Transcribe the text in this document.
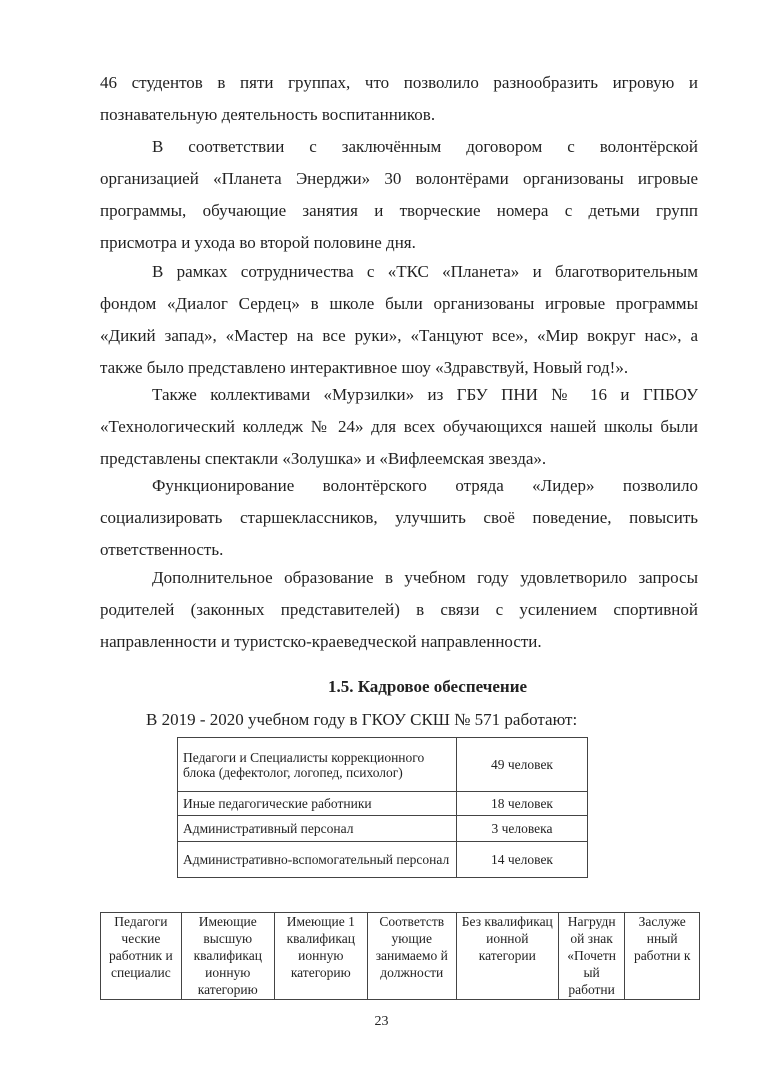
46 студентов в пяти группах, что позволило разнообразить игровую и
познавательную деятельность воспитанников.
В соответствии с заключённым договором с волонтёрской
организацией «Планета Энерджи» 30 волонтёрами организованы игровые
программы, обучающие занятия и творческие номера с детьми групп
присмотра и ухода во второй половине дня.
В рамках сотрудничества с «ТКС «Планета» и благотворительным
фондом «Диалог Сердец» в школе были организованы игровые программы
«Дикий запад», «Мастер на все руки», «Танцуют все», «Мир вокруг нас», а
также было представлено интерактивное шоу «Здравствуй, Новый год!».
Также коллективами «Мурзилки» из ГБУ ПНИ № 16 и ГПБОУ
«Технологический колледж № 24» для всех обучающихся нашей школы были
представлены спектакли «Золушка» и «Вифлеемская звезда».
Функционирование волонтёрского отряда «Лидер» позволило
социализировать старшеклассников, улучшить своё поведение, повысить
ответственность.
Дополнительное образование в учебном году удовлетворило запросы
родителей (законных представителей) в связи с усилением спортивной
направленности и туристско-краеведческой направленности.

1.5. Кадровое обеспечение

В 2019 - 2020 учебном году в ГКОУ СКШ № 571 работают:

Педагоги и Специалисты коррекционного блока (дефектолог, логопед, психолог)	49 человек
Иные педагогические работники	18 человек
Административный персонал	3 человека
Административно-вспомогательный персонал	14 человек
Педагоги ческие работник и специалис	Имеющие высшую квалификац ионную категорию	Имеющие 1 квалификац ионную категорию	Соответств ующие занимаемо й должности	Без квалификац ионной категории	Нагрудн ой знак «Почетн ый работни	Заслуже нный работни к

23
